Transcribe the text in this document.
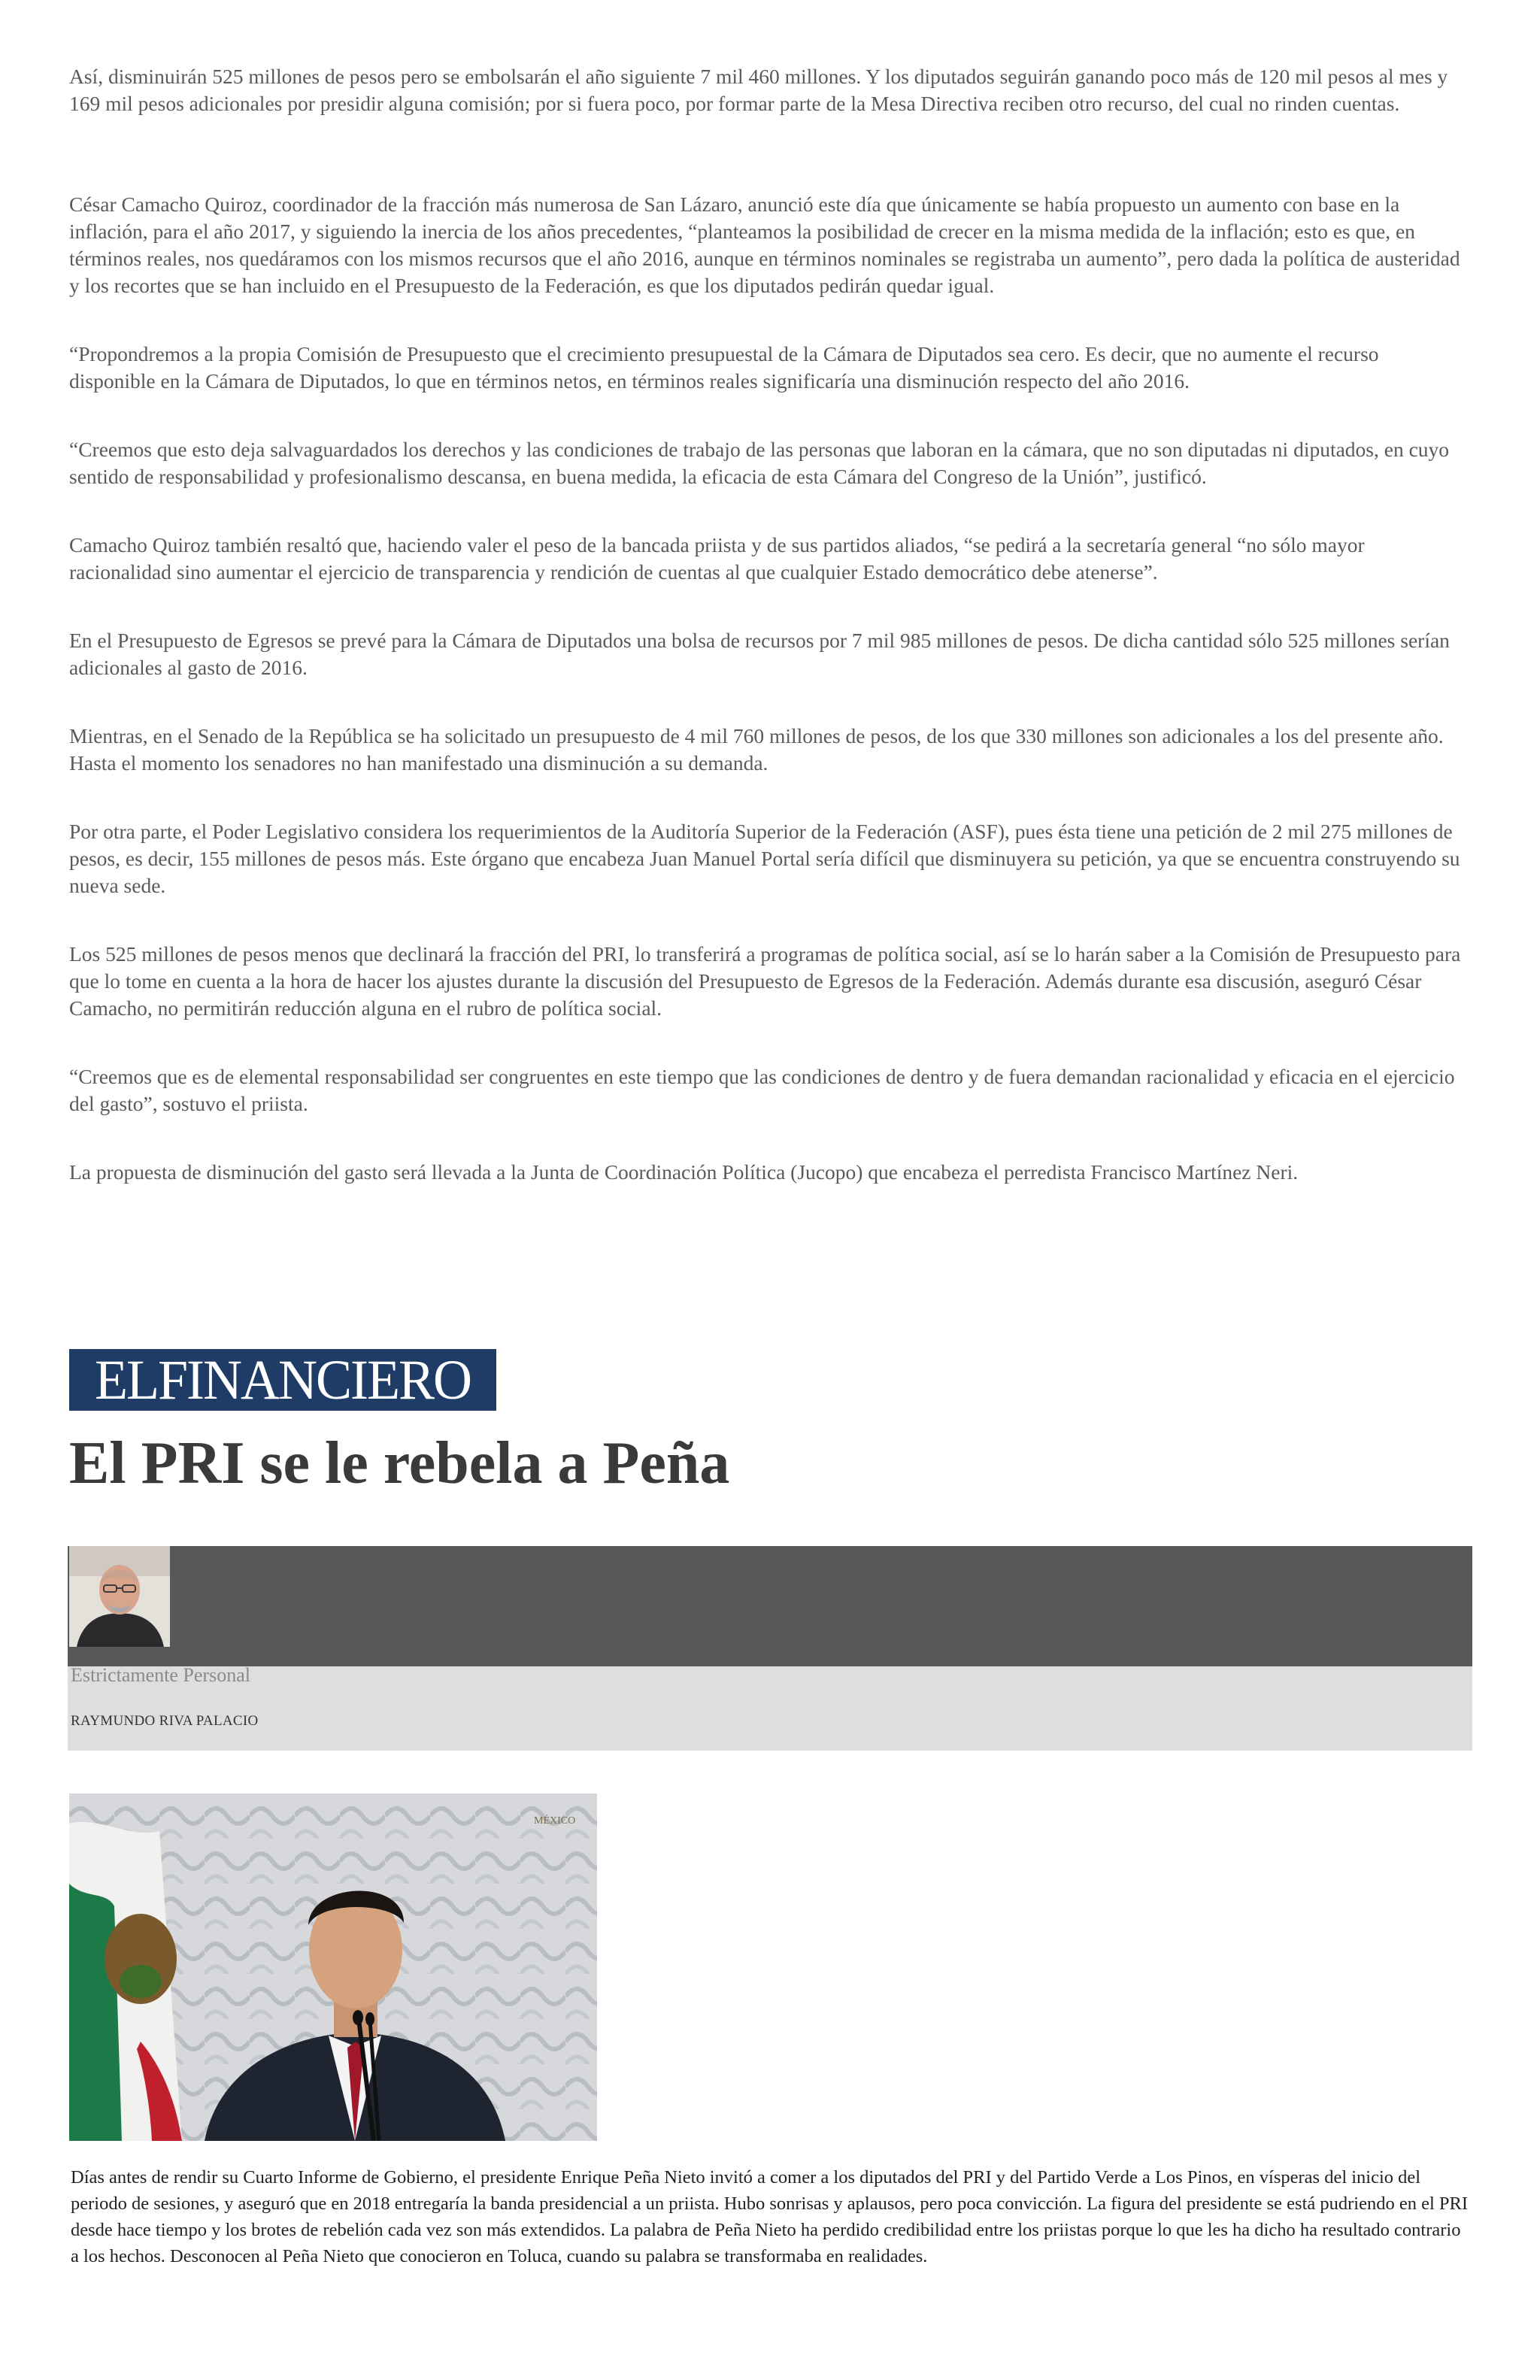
Así, disminuirán 525 millones de pesos pero se embolsarán el año siguiente 7 mil 460 millones. Y los diputados seguirán ganando poco más de 120 mil pesos al mes y 169 mil pesos adicionales por presidir alguna comisión; por si fuera poco, por formar parte de la Mesa Directiva reciben otro recurso, del cual no rinden cuentas.

César Camacho Quiroz, coordinador de la fracción más numerosa de San Lázaro, anunció este día que únicamente se había propuesto un aumento con base en la inflación, para el año 2017, y siguiendo la inercia de los años precedentes, “planteamos la posibilidad de crecer en la misma medida de la inflación; esto es que, en términos reales, nos quedáramos con los mismos recursos que el año 2016, aunque en términos nominales se registraba un aumento”, pero dada la política de austeridad y los recortes que se han incluido en el Presupuesto de la Federación, es que los diputados pedirán quedar igual.

“Propondremos a la propia Comisión de Presupuesto que el crecimiento presupuestal de la Cámara de Diputados sea cero. Es decir, que no aumente el recurso disponible en la Cámara de Diputados, lo que en términos netos, en términos reales significaría una disminución respecto del año 2016.

“Creemos que esto deja salvaguardados los derechos y las condiciones de trabajo de las personas que laboran en la cámara, que no son diputadas ni diputados, en cuyo sentido de responsabilidad y profesionalismo descansa, en buena medida, la eficacia de esta Cámara del Congreso de la Unión”, justificó.

Camacho Quiroz también resaltó que, haciendo valer el peso de la bancada priista y de sus partidos aliados, “se pedirá a la secretaría general “no sólo mayor racionalidad sino aumentar el ejercicio de transparencia y rendición de cuentas al que cualquier Estado democrático debe atenerse”.

En el Presupuesto de Egresos se prevé para la Cámara de Diputados una bolsa de recursos por 7 mil 985 millones de pesos. De dicha cantidad sólo 525 millones serían adicionales al gasto de 2016.

Mientras, en el Senado de la República se ha solicitado un presupuesto de 4 mil 760 millones de pesos, de los que 330 millones son adicionales a los del presente año. Hasta el momento los senadores no han manifestado una disminución a su demanda.

Por otra parte, el Poder Legislativo considera los requerimientos de la Auditoría Superior de la Federación (ASF), pues ésta tiene una petición de 2 mil 275 millones de pesos, es decir, 155 millones de pesos más. Este órgano que encabeza Juan Manuel Portal sería difícil que disminuyera su petición, ya que se encuentra construyendo su nueva sede.

Los 525 millones de pesos menos que declinará la fracción del PRI, lo transferirá a programas de política social, así se lo harán saber a la Comisión de Presupuesto para que lo tome en cuenta a la hora de hacer los ajustes durante la discusión del Presupuesto de Egresos de la Federación. Además durante esa discusión, aseguró César Camacho, no permitirán reducción alguna en el rubro de política social.

“Creemos que es de elemental responsabilidad ser congruentes en este tiempo que las condiciones de dentro y de fuera demandan racionalidad y eficacia en el ejercicio del gasto”, sostuvo el priista.

La propuesta de disminución del gasto será llevada a la Junta de Coordinación Política (Jucopo) que encabeza el perredista Francisco Martínez Neri.

ELFINANCIERO
El PRI se le rebela a Peña
Estrictamente Personal
RAYMUNDO RIVA PALACIO
MÉXICO

Días antes de rendir su Cuarto Informe de Gobierno, el presidente Enrique Peña Nieto invitó a comer a los diputados del PRI y del Partido Verde a Los Pinos, en vísperas del inicio del periodo de sesiones, y aseguró que en 2018 entregaría la banda presidencial a un priista. Hubo sonrisas y aplausos, pero poca convicción. La figura del presidente se está pudriendo en el PRI desde hace tiempo y los brotes de rebelión cada vez son más extendidos. La palabra de Peña Nieto ha perdido credibilidad entre los priistas porque lo que les ha dicho ha resultado contrario a los hechos. Desconocen al Peña Nieto que conocieron en Toluca, cuando su palabra se transformaba en realidades.
